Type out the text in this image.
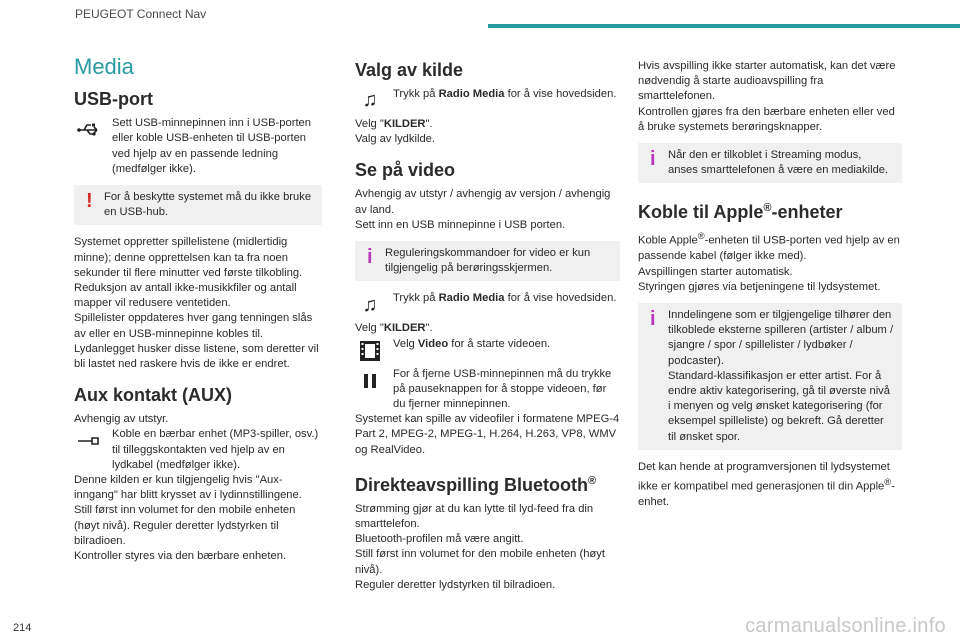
PEUGEOT Connect Nav
Media
USB-port
Sett USB-minnepinnen inn i USB-porten eller koble USB-enheten til USB-porten ved hjelp av en passende ledning (medfølger ikke).
! For å beskytte systemet må du ikke bruke en USB-hub.

Systemet oppretter spillelistene (midlertidig minne); denne opprettelsen kan ta fra noen sekunder til flere minutter ved første tilkobling.
Reduksjon av antall ikke-musikkfiler og antall mapper vil redusere ventetiden.
Spillelister oppdateres hver gang tenningen slås av eller en USB-minnepinne kobles til. Lydanlegget husker disse listene, som deretter vil bli lastet ned raskere hvis de ikke er endret.

Aux kontakt (AUX)

Avhengig av utstyr.

Koble en bærbar enhet (MP3-spiller, osv.) til tilleggskontakten ved hjelp av en lydkabel (medfølger ikke).

Denne kilden er kun tilgjengelig hvis "Aux-inngang" har blitt krysset av i lydinnstillingene.
Still først inn volumet for den mobile enheten (høyt nivå). Reguler deretter lydstyrken til bilradioen.
Kontroller styres via den bærbare enheten.

Valg av kilde
♫	Trykk på Radio Media for å vise hovedsiden.

Velg "KILDER".

Valg av lydkilde.

Se på video

Avhengig av utstyr / avhengig av versjon / avhengig av land.
Sett inn en USB minnepinne i USB porten.

i Reguleringskommandoer for video er kun tilgjengelig på berøringsskjermen.
♫	Trykk på Radio Media for å vise hovedsiden.

Velg "KILDER".

Velg Video for å starte videoen.
For å fjerne USB-minnepinnen må du trykke på pauseknappen for å stoppe videoen, før du fjerner minnepinnen.

Systemet kan spille av videofiler i formatene MPEG-4 Part 2, MPEG-2, MPEG-1, H.264, H.263, VP8, WMV og RealVideo.

Direkteavspilling Bluetooth®

Strømming gjør at du kan lytte til lyd-feed fra din smarttelefon.
Bluetooth-profilen må være angitt.
Still først inn volumet for den mobile enheten (høyt nivå).
Reguler deretter lydstyrken til bilradioen.

Hvis avspilling ikke starter automatisk, kan det være nødvendig å starte audioavspilling fra smarttelefonen.
Kontrollen gjøres fra den bærbare enheten eller ved å bruke systemets berøringsknapper.

i Når den er tilkoblet i Streaming modus, anses smarttelefonen å være en mediakilde.
Koble til Apple®-enheter

Koble Apple®-enheten til USB-porten ved hjelp av en passende kabel (følger ikke med).
Avspillingen starter automatisk.
Styringen gjøres via betjeningene til lydsystemet.

i Inndelingene som er tilgjengelige tilhører den tilkoblede eksterne spilleren (artister / album / sjangre / spor / spillelister / lydbøker / podcaster).
Standard-klassifikasjon er etter artist. For å endre aktiv kategorisering, gå til øverste nivå i menyen og velg ønsket kategorisering (for eksempel spilleliste) og bekreft. Gå deretter til ønsket spor.

Det kan hende at programversjonen til lydsystemet ikke er kompatibel med generasjonen til din Apple®-enhet.

214	carmanualsonline.info
